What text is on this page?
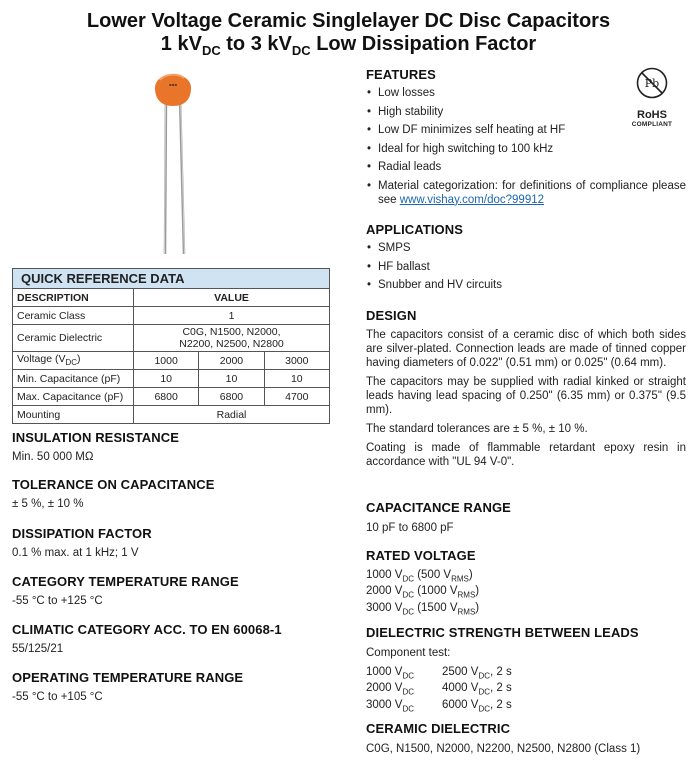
Lower Voltage Ceramic Singlelayer DC Disc Capacitors
1 $kV_{DC}$ to 3 $kV_{DC}$ Low Dissipation Factor
▪▪▪	Pb
RoHS
COMPLIANT
QUICK REFERENCE DATA			
DESCRIPTION	VALUE		
Ceramic Class	1		
Ceramic Dielectric	C0G, N1500, N2000,
N2200, N2500, N2800		

Voltage $(V_{DC})$	1000	2000	3000
Min. Capacitance (pF)	10	10	10
Max. Capacitance (pF)	6800	6800	4700
Mounting	Radial		
INSULATION RESISTANCE

Min. 50 000 MΩ

TOLERANCE ON CAPACITANCE

± 5 %, ± 10 %

DISSIPATION FACTOR

0.1 % max. at 1 kHz; 1 V

CATEGORY TEMPERATURE RANGE

-55 °C to +125 °C

CLIMATIC CATEGORY ACC. TO EN 60068-1

55/125/21

OPERATING TEMPERATURE RANGE

-55 °C to +105 °C

FEATURES
• Low losses
• High stability
• Low DF minimizes self heating at HF
• Ideal for high switching to 100 kHz
• Radial leads
• Material categorization: for definitions of compliance please see www.vishay.com/doc?99912
APPLICATIONS
• SMPS
• HF ballast
• Snubber and HV circuits
DESIGN

The capacitors consist of a ceramic disc of which both sides are silver-plated. Connection leads are made of tinned copper having diameters of 0.022" (0.51 mm) or 0.025" (0.64 mm).

The capacitors may be supplied with radial kinked or straight leads having lead spacing of 0.250" (6.35 mm) or 0.375" (9.5 mm).

The standard tolerances are ± 5 %, ± 10 %.

Coating is made of flammable retardant epoxy resin in accordance with "UL 94 V-0".

CAPACITANCE RANGE

10 pF to 6800 pF

RATED VOLTAGE
1000 $V_{DC}$ (500 $V_{RMS}$)
2000 $V_{DC}$ (1000 $V_{RMS}$)
3000 $V_{DC}$ (1500 $V_{RMS}$)
DIELECTRIC STRENGTH BETWEEN LEADS

Component test:

1000 $V_{DC}$	2500 $V_{DC}$, 2 s
2000 $V_{DC}$	4000 $V_{DC}$, 2 s
3000 $V_{DC}$	6000 $V_{DC}$, 2 s
CERAMIC DIELECTRIC

C0G, N1500, N2000, N2200, N2500, N2800 (Class 1)
